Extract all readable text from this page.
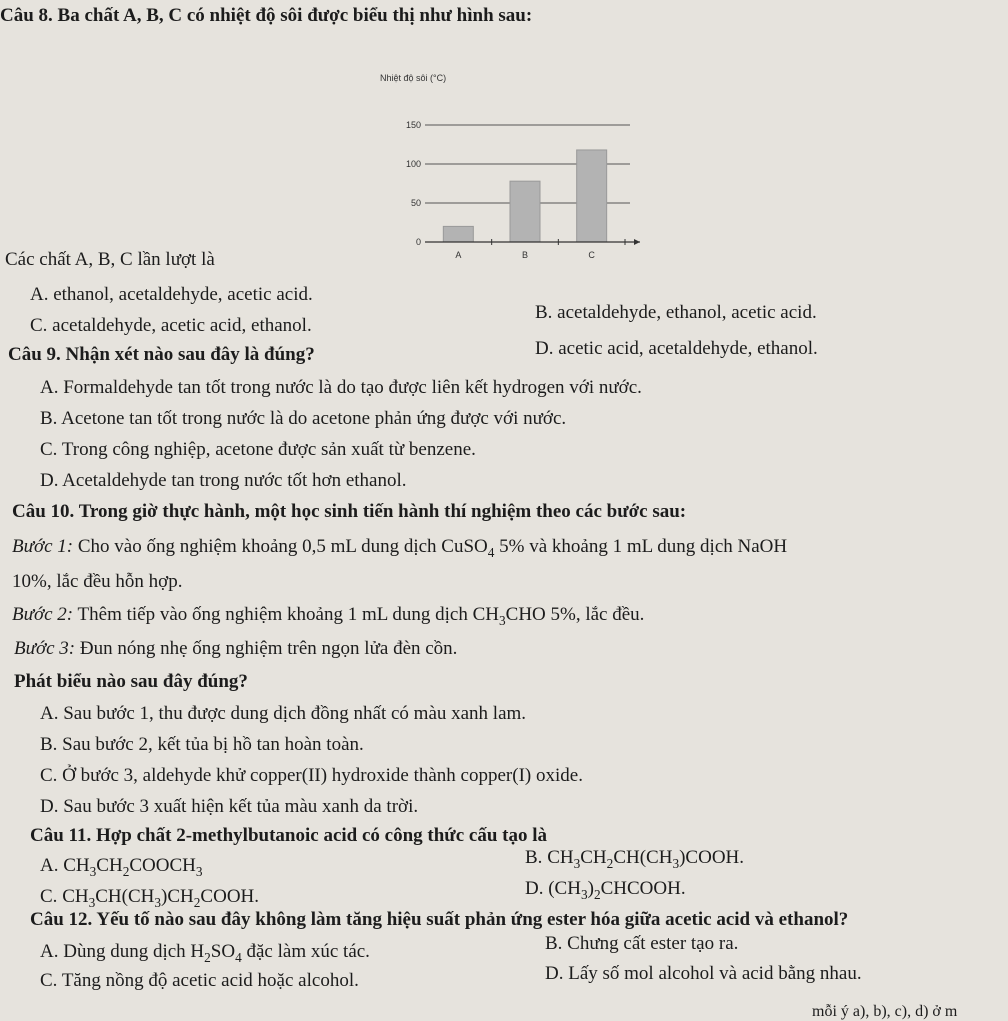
Câu 8. Ba chất A, B, C có nhiệt độ sôi được biểu thị như hình sau:
Nhiệt độ sôi (°C)
0
50
100
150
A	B	C
Các chất A, B, C lần lượt là
A. ethanol, acetaldehyde, acetic acid.
B. acetaldehyde, ethanol, acetic acid.
C. acetaldehyde, acetic acid, ethanol.
D. acetic acid, acetaldehyde, ethanol.
Câu 9. Nhận xét nào sau đây là đúng?
A. Formaldehyde tan tốt trong nước là do tạo được liên kết hydrogen với nước.
B. Acetone tan tốt trong nước là do acetone phản ứng được với nước.
C. Trong công nghiệp, acetone được sản xuất từ benzene.
D. Acetaldehyde tan trong nước tốt hơn ethanol.
Câu 10. Trong giờ thực hành, một học sinh tiến hành thí nghiệm theo các bước sau:
Bước 1: Cho vào ống nghiệm khoảng 0,5 mL dung dịch CuSO$_4$ 5% và khoảng 1 mL dung dịch NaOH
10%, lắc đều hỗn hợp.
Bước 2: Thêm tiếp vào ống nghiệm khoảng 1 mL dung dịch $CH_3CHO$ 5%, lắc đều.
Bước 3: Đun nóng nhẹ ống nghiệm trên ngọn lửa đèn cồn.
Phát biểu nào sau đây đúng?
A. Sau bước 1, thu được dung dịch đồng nhất có màu xanh lam.
B. Sau bước 2, kết tủa bị hồ tan hoàn toàn.
C. Ở bước 3, aldehyde khử copper(II) hydroxide thành copper(I) oxide.
D. Sau bước 3 xuất hiện kết tủa màu xanh da trời.
Câu 11. Hợp chất 2-methylbutanoic acid có công thức cấu tạo là
A. $CH_3CH_2COOCH_3$
B. $CH_3CH_2CH(CH_3)COOH$.
C. $CH_3CH(CH_3)CH_2COOH$.	D. $(CH_3)_2CHCOOH$.
Câu 12. Yếu tố nào sau đây không làm tăng hiệu suất phản ứng ester hóa giữa acetic acid và ethanol?
A. Dùng dung dịch $H_2SO_4$ đặc làm xúc tác.	B. Chưng cất ester tạo ra.
C. Tăng nồng độ acetic acid hoặc alcohol.	D. Lấy số mol alcohol và acid bằng nhau.
mỗi ý a), b), c), d) ở m
